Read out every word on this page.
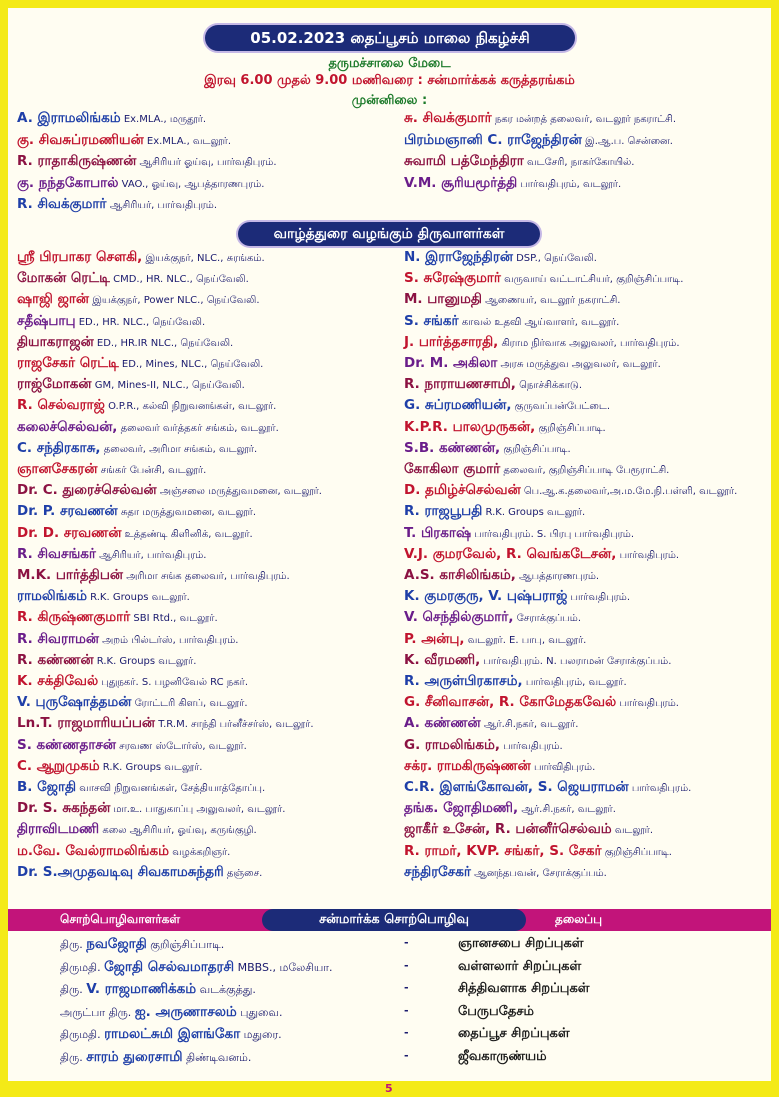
05.02.2023 தைப்பூசம் மாலை நிகழ்ச்சி
தருமச்சாலை மேடை
இரவு 6.00 முதல் 9.00 மணிவரை : சன்மார்க்கக் கருத்தரங்கம்
முன்னிலை :
A. இராமலிங்கம் Ex.MLA., மருதூர்.
கு. சிவசுப்ரமணியன் Ex.MLA., வடலூர்.
R. ராதாகிருஷ்ணன் ஆசிரியர் ஓய்வு, பார்வதிபுரம்.
கு. நந்தகோபால் VAO., ஓய்வு, ஆபத்தாரணபுரம்.
R. சிவக்குமார் ஆசிரியர், பார்வதிபுரம்.
சு. சிவக்குமார் நகர மன்றத் தலைவர், வடலூர் நகராட்சி.
பிரம்மஞானி C. ராஜேந்திரன் இ.ஆ.ப. சென்னை.
சுவாமி பத்மேந்திரா வடசேரி, நாகர்கோயில்.
V.M. சூரியமூர்த்தி பார்வதிபுரம், வடலூர்.
வாழ்த்துரை வழங்கும் திருவாளர்கள்
ஸ்ரீ பிரபாகர சௌகி, இயக்குநர், NLC., சுரங்கம்.
மோகன் ரெட்டி CMD., HR. NLC., நெய்வேலி.
ஷாஜி ஜான் இயக்குநர், Power NLC., நெய்வேலி.
சதீஷ்பாபு ED., HR. NLC., நெய்வேலி.
தியாகராஜன் ED., HR.IR NLC., நெய்வேலி.
ராஜசேகர் ரெட்டி ED., Mines, NLC., நெய்வேலி.
ராஜ்மோகன் GM, Mines-II, NLC., நெய்வேலி.
R. செல்வராஜ் O.P.R., கல்வி நிறுவனங்கள், வடலூர்.
கலைச்செல்வன், தலைவர் வர்த்தகர் சங்கம், வடலூர்.
C. சந்திரகாசு, தலைவர், அரிமா சங்கம், வடலூர்.
ஞானசேகரன் சங்கர் பேன்சி, வடலூர்.
Dr. C. துரைச்செல்வன் அஞ்சலை மருத்துவமனை, வடலூர்.
Dr. P. சரவணன் சுதா மருத்துவமனை, வடலூர்.
Dr. D. சரவணன் உத்தண்டி கிளினிக், வடலூர்.
R. சிவசங்கர் ஆசிரியர், பார்வதிபுரம்.
M.K. பார்த்திபன் அரிமா சங்க தலைவர், பார்வதிபுரம்.
ராமலிங்கம் R.K. Groups வடலூர்.
R. கிருஷ்ணகுமார் SBI Rtd., வடலூர்.
R. சிவராமன் அறம் பில்டர்ஸ், பார்வதிபுரம்.
R. கண்ணன் R.K. Groups வடலூர்.
K. சக்திவேல் புதுநகர். S. பழனிவேல் RC நகர்.
V. புருஷோத்தமன் ரோட்டரி கிளப், வடலூர்.
Ln.T. ராஜமாரியப்பன் T.R.M. சாந்தி பர்னீச்சர்ஸ், வடலூர்.
S. கண்ணதாசன் சரவண ஸ்டோர்ஸ், வடலூர்.
C. ஆறுமுகம் R.K. Groups வடலூர்.
B. ஜோதி வாசவி நிறுவனங்கள், சேத்தியாத்தோப்பு.
Dr. S. சுகந்தன் மா.உ. பாதுகாப்பு அலுவலர், வடலூர்.
திராவிடமணி கலை ஆசிரியர், ஓய்வு, கருங்குழி.
ம.வே. வேல்ராமலிங்கம் வழக்கறிஞர்.
Dr. S.அமுதவடிவு சிவகாமசுந்தரி தஞ்சை.
N. இராஜேந்திரன் DSP., நெய்வேலி.
S. சுரேஷ்குமார் வருவாய் வட்டாட்சியர், குறிஞ்சிப்பாடி.
M. பானுமதி ஆணையர், வடலூர் நகராட்சி.
S. சங்கர் காவல் உதவி ஆய்வாளர், வடலூர்.
J. பார்த்தசாரதி, கிராம நிர்வாக அலுவலர், பார்வதிபுரம்.
Dr. M. அகிலா அரசு மருத்துவ அலுவலர், வடலூர்.
R. நாராயணசாமி, நொச்சிக்காடு.
G. சுப்ரமணியன், குருவப்பன்பேட்டை.
K.P.R. பாலமுருகன், குறிஞ்சிப்பாடி.
S.B. கண்ணன், குறிஞ்சிப்பாடி.
கோகிலா குமார் தலைவர், குறிஞ்சிப்பாடி பேரூராட்சி.
D. தமிழ்ச்செல்வன் பெ.ஆ.க.தலைவர்,அ.ம.மே.நி.பள்ளி, வடலூர்.
R. ராஜபூபதி R.K. Groups வடலூர்.
T. பிரகாஷ் பார்வதிபுரம். S. பிரபு பார்வதிபுரம்.
V.J. குமரவேல், R. வெங்கடேசன், பார்வதிபுரம்.
A.S. காசிலிங்கம், ஆபத்தாரணபுரம்.
K. குமரகுரு, V. புஷ்பராஜ் பார்வதிபுரம்.
V. செந்தில்குமார், சேராக்குப்பம்.
P. அன்பு, வடலூர். E. பாபு, வடலூர்.
K. வீரமணி, பார்வதிபுரம். N. பலராமன் சேராக்குப்பம்.
R. அருள்பிரகாசம், பார்வதிபுரம், வடலூர்.
G. சீனிவாசன், R. கோமேதகவேல் பார்வதிபுரம்.
A. கண்ணன் ஆர்.சி.நகர், வடலூர்.
G. ராமலிங்கம், பார்வதிபுரம்.
சக்ர. ராமகிருஷ்ணன் பார்விதிபுரம்.
C.R. இளங்கோவன், S. ஜெயராமன் பார்வதிபுரம்.
தங்க. ஜோதிமணி, ஆர்.சி.நகர், வடலூர்.
ஜாகீர் உசேன், R. பன்னீர்செல்வம் வடலூர்.
R. ராமர், KVP. சங்கர், S. சேகர் குறிஞ்சிப்பாடி.
சந்திரசேகர் ஆனந்தபவன், சேராக்குப்பம்.
சொற்பொழிவாளர்கள்	சன்மார்க்க சொற்பொழிவு	தலைப்பு
திரு. நவஜோதி குறிஞ்சிப்பாடி.	-	ஞானசபை சிறப்புகள்
திருமதி. ஜோதி செல்வமாதரசி MBBS., மலேசியா.	-	வள்ளலார் சிறப்புகள்
திரு. V. ராஜமாணிக்கம் வடக்குத்து.	-	சித்திவளாக சிறப்புகள்
அருட்பா திரு. ஐ. அருணாசலம் புதுவை.	-	பேருபதேசம்
திருமதி. ராமலட்சுமி இளங்கோ மதுரை.	-	தைப்பூச சிறப்புகள்
திரு. சாரம் துரைசாமி திண்டிவனம்.	-	ஜீவகாருண்யம்
5
